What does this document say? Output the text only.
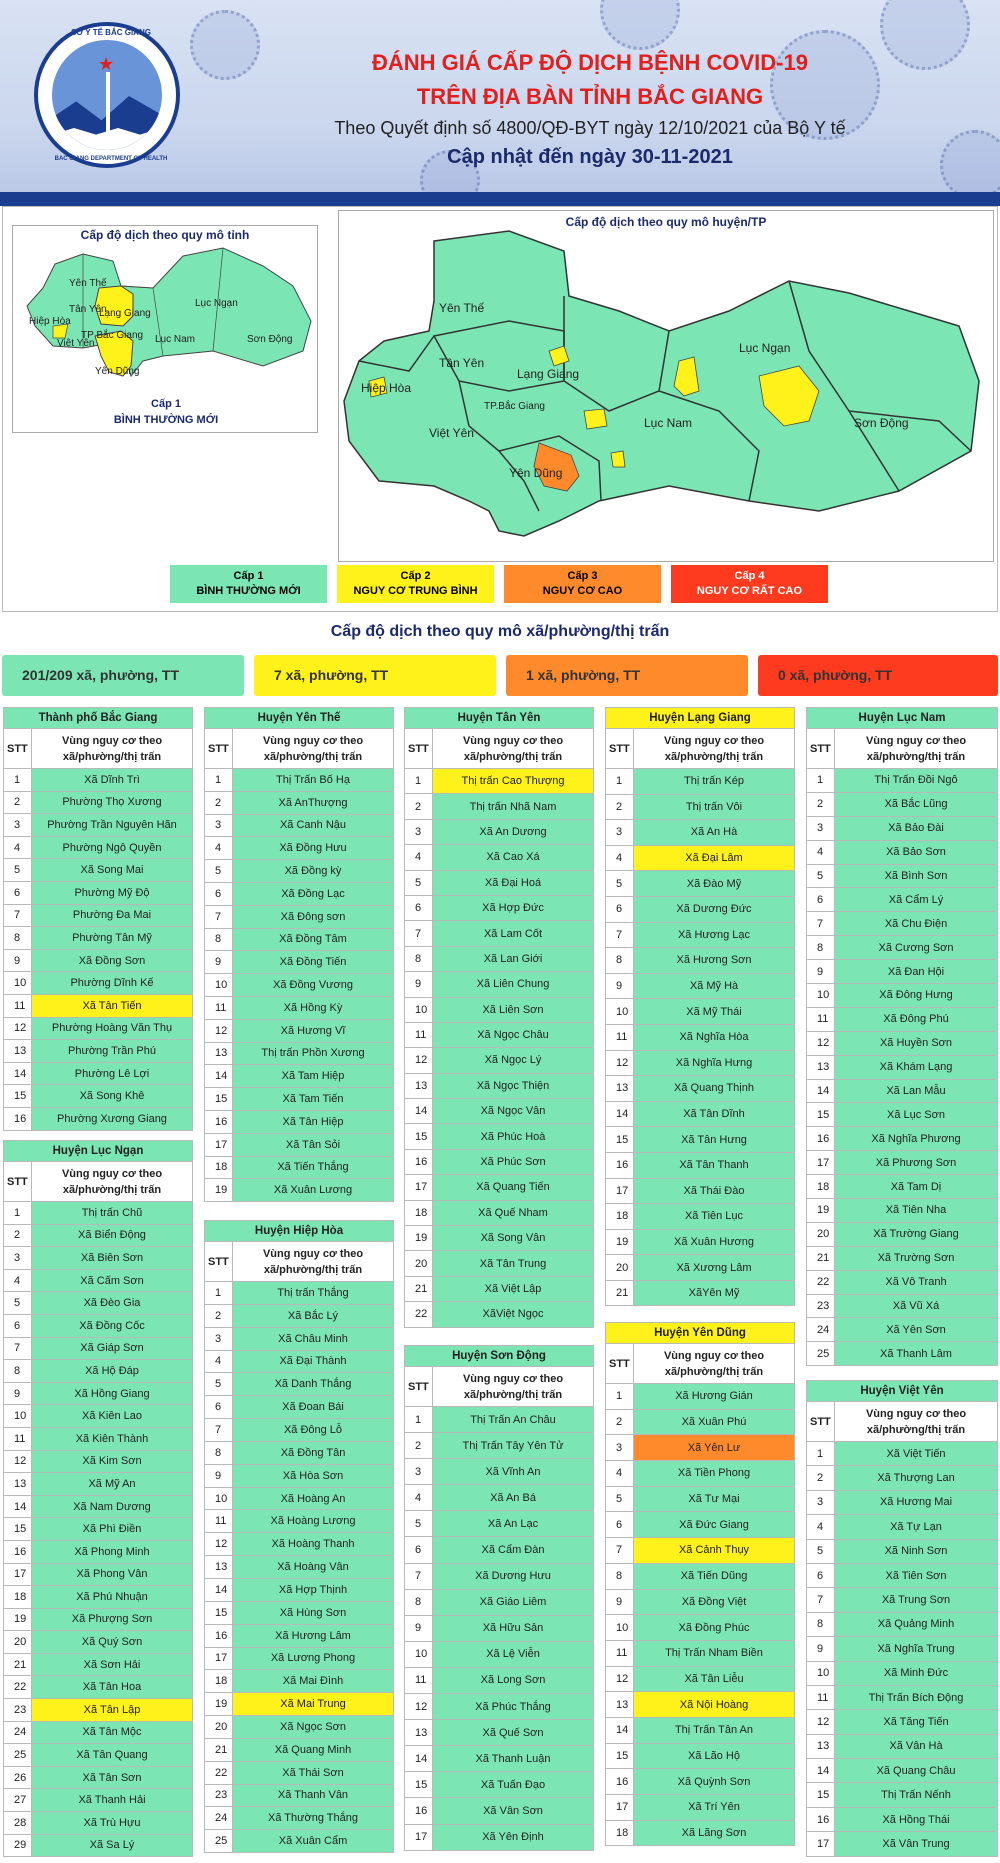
SỞ Y TẾ BẮC GIANG
★
BAC GIANG DEPARTMENT OF HEALTH
ĐÁNH GIÁ CẤP ĐỘ DỊCH BỆNH COVID-19
TRÊN ĐỊA BÀN TỈNH BẮC GIANG
Theo Quyết định số 4800/QĐ-BYT ngày 12/10/2021 của Bộ Y tế
Cập nhật đến ngày 30-11-2021
Cấp độ dịch theo quy mô tỉnh
Yên Thế
Tân Yên
Lạng Giang
Lục Ngạn
Hiệp Hòa
Việt Yên
TP Bắc Giang Lục Nam	Sơn Động
Yên Dũng
Cấp 1
BÌNH THƯỜNG MỚI
Cấp độ dịch theo quy mô huyện/TP
Yên Thế
Tân Yên
Lạng Giang
Lục Ngạn
Hiệp Hòa
TP.Bắc Giang
Lục Nam	Sơn Động
Việt Yên
Yên Dũng
Cấp 1
BÌNH THƯỜNG MỚI
Cấp 2
NGUY CƠ TRUNG BÌNH
Cấp 3
NGUY CƠ CAO
Cấp 4
NGUY CƠ RẤT CAO
Cấp độ dịch theo quy mô xã/phường/thị trấn
201/209 xã, phường, TT	7 xã, phường, TT	1 xã, phường, TT	0 xã, phường, TT
Thành phố Bắc Giang	
STT	Vùng nguy cơ theo
xã/phường/thị trấn

1	Xã Dĩnh Trì
2	Phường Thọ Xương
3	Phường Trần Nguyên Hãn
4	Phường Ngô Quyền
5	Xã Song Mai
6	Phường Mỹ Độ
7	Phường Đa Mai
8	Phường Tân Mỹ
9	Xã Đồng Sơn
10	Phường Dĩnh Kế
11	Xã Tân Tiến
12	Phường Hoàng Văn Thụ
13	Phường Trần Phú
14	Phường Lê Lợi
15	Xã Song Khê
16	Phường Xương Giang
Huyện Lục Ngạn	
STT	Vùng nguy cơ theo
xã/phường/thị trấn

1	Thị trấn Chũ
2	Xã Biển Động
3	Xã Biên Sơn
4	Xã Cấm Sơn
5	Xã Đèo Gia
6	Xã Đồng Cốc
7	Xã Giáp Sơn
8	Xã Hộ Đáp
9	Xã Hồng Giang
10	Xã Kiên Lao
11	Xã Kiên Thành
12	Xã Kim Sơn
13	Xã Mỹ An
14	Xã Nam Dương
15	Xã Phì Điền
16	Xã Phong Minh
17	Xã Phong Vân
18	Xã Phú Nhuận
19	Xã Phượng Sơn
20	Xã Quý Sơn
21	Xã Sơn Hải
22	Xã Tân Hoa
23	Xã Tân Lập
24	Xã Tân Mộc
25	Xã Tân Quang
26	Xã Tân Sơn
27	Xã Thanh Hải
28	Xã Trù Hựu
29	Xã Sa Lý
Huyện Yên Thế	
STT	Vùng nguy cơ theo
xã/phường/thị trấn

1	Thị Trấn Bố Hạ
2	Xã AnThượng
3	Xã Canh Nậu
4	Xã Đồng Hưu
5	Xã Đồng kỳ
6	Xã Đồng Lạc
7	Xã Đông sơn
8	Xã Đồng Tâm
9	Xã Đồng Tiến
10	Xã Đồng Vương
11	Xã Hồng Kỳ
12	Xã Hương Vĩ
13	Thị trấn Phồn Xương
14	Xã Tam Hiệp
15	Xã Tam Tiến
16	Xã Tân Hiệp
17	Xã Tân Sỏi
18	Xã Tiến Thắng
19	Xã Xuân Lương
Huyện Hiệp Hòa	
STT	Vùng nguy cơ theo
xã/phường/thị trấn

1	Thị trấn Thắng
2	Xã Bắc Lý
3	Xã Châu Minh
4	Xã Đại Thành
5	Xã Danh Thắng
6	Xã Đoan Bái
7	Xã Đông Lỗ
8	Xã Đồng Tân
9	Xã Hòa Sơn
10	Xã Hoàng An
11	Xã Hoàng Lương
12	Xã Hoàng Thanh
13	Xã Hoàng Vân
14	Xã Hợp Thịnh
15	Xã Hùng Sơn
16	Xã Hương Lâm
17	Xã Lương Phong
18	Xã Mai Đình
19	Xã Mai Trung
20	Xã Ngọc Sơn
21	Xã Quang Minh
22	Xã Thái Sơn
23	Xã Thanh Vân
24	Xã Thường Thắng
25	Xã Xuân Cẩm
Huyện Tân Yên	
STT	Vùng nguy cơ theo
xã/phường/thị trấn

1	Thị trấn Cao Thượng
2	Thị trấn Nhã Nam
3	Xã An Dương
4	Xã Cao Xá
5	Xã Đại Hoá
6	Xã Hợp Đức
7	Xã Lam Cốt
8	Xã Lan Giới
9	Xã Liên Chung
10	Xã Liên Sơn
11	Xã Ngọc Châu
12	Xã Ngọc Lý
13	Xã Ngọc Thiện
14	Xã Ngọc Vân
15	Xã Phúc Hoà
16	Xã Phúc Sơn
17	Xã Quang Tiến
18	Xã Quế Nham
19	Xã Song Vân
20	Xã Tân Trung
21	Xã Việt Lập
22	XãViệt Ngọc
Huyện Sơn Động	
STT	Vùng nguy cơ theo
xã/phường/thị trấn

1	Thị Trấn An Châu
2	Thị Trấn Tây Yên Tử
3	Xã Vĩnh An
4	Xã An Bá
5	Xã An Lạc
6	Xã Cẩm Đàn
7	Xã Dương Hưu
8	Xã Giáo Liêm
9	Xã Hữu Sản
10	Xã Lệ Viễn
11	Xã Long Sơn
12	Xã Phúc Thắng
13	Xã Quế Sơn
14	Xã Thanh Luận
15	Xã Tuấn Đạo
16	Xã Vân Sơn
17	Xã Yên Định
Huyện Lạng Giang	
STT	Vùng nguy cơ theo
xã/phường/thị trấn

1	Thị trấn Kép
2	Thị trấn Vôi
3	Xã An Hà
4	Xã Đại Lâm
5	Xã Đào Mỹ
6	Xã Dương Đức
7	Xã Hương Lạc
8	Xã Hương Sơn
9	Xã Mỹ Hà
10	Xã Mỹ Thái
11	Xã Nghĩa Hòa
12	Xã Nghĩa Hưng
13	Xã Quang Thịnh
14	Xã Tân Dĩnh
15	Xã Tân Hưng
16	Xã Tân Thanh
17	Xã Thái Đào
18	Xã Tiên Lục
19	Xã Xuân Hương
20	Xã Xương Lâm
21	XãYên Mỹ
Huyện Yên Dũng	
STT	Vùng nguy cơ theo
xã/phường/thị trấn

1	Xã Hương Gián
2	Xã Xuân Phú
3	Xã Yên Lư
4	Xã Tiền Phong
5	Xã Tư Mại
6	Xã Đức Giang
7	Xã Cảnh Thụy
8	Xã Tiến Dũng
9	Xã Đồng Việt
10	Xã Đồng Phúc
11	Thị Trấn Nham Biền
12	Xã Tân Liễu
13	Xã Nội Hoàng
14	Thị Trấn Tân An
15	Xã Lão Hộ
16	Xã Quỳnh Sơn
17	Xã Trí Yên
18	Xã Lãng Sơn
Huyện Lục Nam	
STT	Vùng nguy cơ theo
xã/phường/thị trấn

1	Thị Trấn Đồi Ngô
2	Xã Bắc Lũng
3	Xã Bảo Đài
4	Xã Bảo Sơn
5	Xã Bình Sơn
6	Xã Cẩm Lý
7	Xã Chu Điện
8	Xã Cương Sơn
9	Xã Đan Hội
10	Xã Đông Hưng
11	Xã Đông Phú
12	Xã Huyền Sơn
13	Xã Khám Lạng
14	Xã Lan Mẫu
15	Xã Lục Sơn
16	Xã Nghĩa Phương
17	Xã Phương Sơn
18	Xã Tam Dị
19	Xã Tiên Nha
20	Xã Trường Giang
21	Xã Trường Sơn
22	Xã Vô Tranh
23	Xã Vũ Xá
24	Xã Yên Sơn
25	Xã Thanh Lâm
Huyện Việt Yên	
STT	Vùng nguy cơ theo
xã/phường/thị trấn

1	Xã Việt Tiến
2	Xã Thượng Lan
3	Xã Hương Mai
4	Xã Tự Lạn
5	Xã Ninh Sơn
6	Xã Tiên Sơn
7	Xã Trung Sơn
8	Xã Quảng Minh
9	Xã Nghĩa Trung
10	Xã Minh Đức
11	Thị Trấn Bích Động
12	Xã Tăng Tiến
13	Xã Vân Hà
14	Xã Quang Châu
15	Thị Trấn Nếnh
16	Xã Hồng Thái
17	Xã Vân Trung
